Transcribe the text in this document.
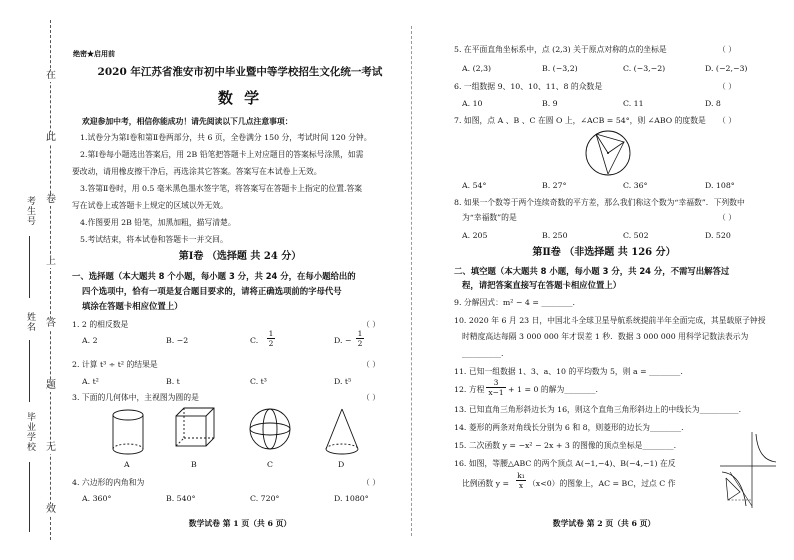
在
此
卷
上
答
题
无
效
考生号
姓名
毕业学校
绝密★启用前
2020 年江苏省淮安市初中毕业暨中等学校招生文化统一考试
数 学
欢迎参加中考，相信你能成功！请先阅读以下几点注意事项：
1.试卷分为第Ⅰ卷和第Ⅱ卷两部分，共 6 页，全卷满分 150 分，考试时间 120 分钟。
2.第Ⅰ卷每小题选出答案后，用 2B 铅笔把答题卡上对应题目的答案标号涂黑，如需
要改动，请用橡皮擦干净后，再选涂其它答案。答案写在本试卷上无效。
3.答第Ⅱ卷时，用 0.5 毫米黑色墨水签字笔，将答案写在答题卡上指定的位置.答案
写在试卷上或答题卡上规定的区域以外无效。
4.作图要用 2B 铅笔，加黑加粗，描写清楚。
5.考试结束，将本试卷和答题卡一并交回。
第Ⅰ卷 （选择题 共 24 分）
一、选择题（本大题共 8 个小题，每小题 3 分，共 24 分，在每小题给出的
四个选项中，恰有一项是复合题目要求的，请将正确选项前的字母代号
填涂在答题卡相应位置上）
1. 2 的相反数是	（ ）
A. 2	B. −2	C. $\frac{1}{2}$	D. − $\frac{1}{2}$
2. 计算 t³ ÷ t² 的结果是	（ ）
A. t²	B. t	C. t³	D. t⁵
3. 下面的几何体中，主视图为圆的是	（ ）
A	B	C	D
4. 六边形的内角和为	（ ）
A. 360°	B. 540°	C. 720°	D. 1080°
数学试卷 第 1 页（共 6 页）
5. 在平面直角坐标系中，点 (2,3) 关于原点对称的点的坐标是	（ ）
A. (2,3)	B. (−3,2)	C. (−3,−2)	D. (−2,−3)
6. 一组数据 9、10、10、11、8 的众数是	（ ）
A. 10	B. 9	C. 11	D. 8
7. 如图，点 A 、B 、C 在圆 O 上，∠ACB = 54°，则 ∠ABO 的度数是 （ ）
A. 54°	B. 27°	C. 36°	D. 108°
8. 如果一个数等于两个连续奇数的平方差，那么我们称这个数为“幸福数”．下列数中
为“幸福数”的是	（ ）
A. 205	B. 250	C. 502	D. 520
第Ⅱ卷 （非选择题 共 126 分）
二、填空题（本大题共 8 小题，每小题 3 分，共 24 分，不需写出解答过
程，请把答案直接写在答题卡相应位置上）
9. 分解因式：m² − 4 = ________.
10. 2020 年 6 月 23 日，中国北斗全球卫星导航系统提前半年全面完成，其星载原子钟授
时精度高达每隔 3 000 000 年才误差 1 秒．数据 3 000 000 用科学记数法表示为
__________.
11. 已知一组数据 1、3、a、10 的平均数为 5，则 a = ________.
12. 方程 $\frac{3}{x-1} + 1 = 0$ 的解为________.
13. 已知直角三角形斜边长为 16，则这个直角三角形斜边上的中线长为__________.
14. 菱形的两条对角线长分别为 6 和 8，则菱形的边长为________.
15. 二次函数 y = −x² − 2x + 3 的图像的顶点坐标是________.
16. 如图，等腰△ABC 的两个顶点 A(−1,−4)、B(−4,−1) 在反
比例函数 $y = \frac{\text{k₁}}{x} (x<0)$的图象上，AC = BC，过点 C 作
数学试卷 第 2 页（共 6 页）
